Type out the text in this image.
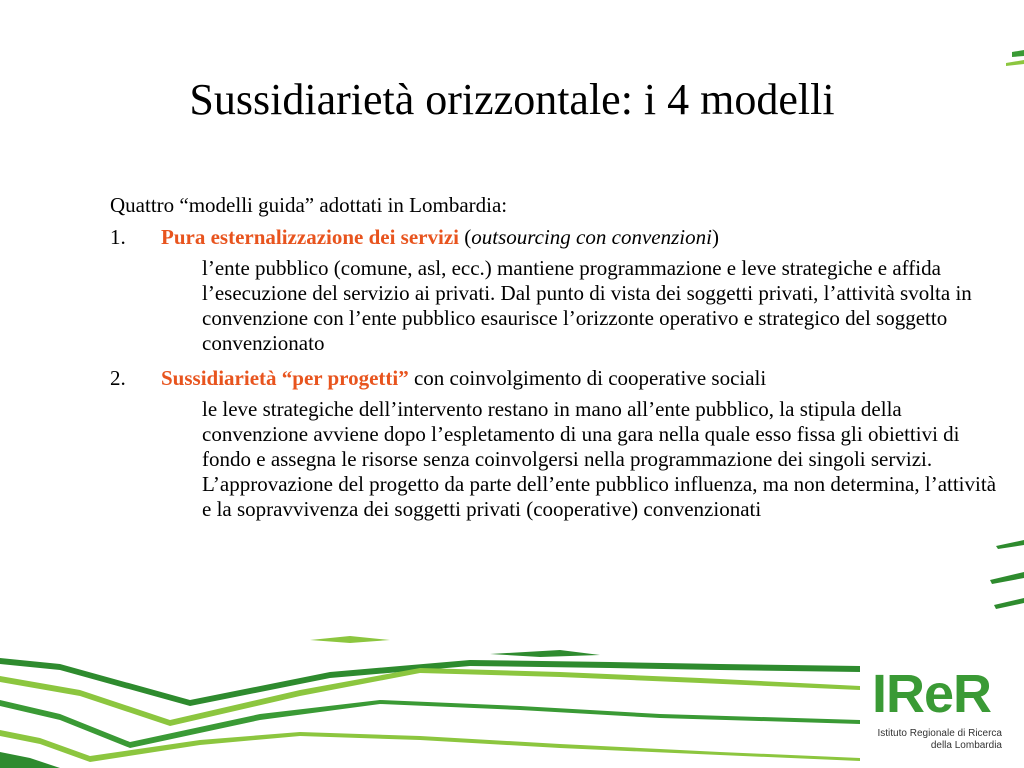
Sussidiarietà orizzontale: i 4 modelli

Quattro “modelli guida” adottati in Lombardia:

1.	Pura esternalizzazione dei servizi (outsourcing con convenzioni)

l’ente pubblico (comune, asl, ecc.) mantiene programmazione e leve strategiche e affida l’esecuzione del servizio ai privati. Dal punto di vista dei soggetti privati, l’attività svolta in convenzione con l’ente pubblico esaurisce l’orizzonte operativo e strategico del soggetto convenzionato

2.	Sussidiarietà “per progetti” con coinvolgimento di cooperative sociali

le leve strategiche dell’intervento restano in mano all’ente pubblico, la stipula della convenzione avviene dopo l’espletamento di una gara nella quale esso fissa gli obiettivi di fondo e assegna le risorse senza coinvolgersi nella programmazione dei singoli servizi. L’approvazione del progetto da parte dell’ente pubblico influenza, ma non determina, l’attività e la sopravvivenza dei soggetti privati (cooperative) convenzionati

IReR
Istituto Regionale di Ricerca
della Lombardia
